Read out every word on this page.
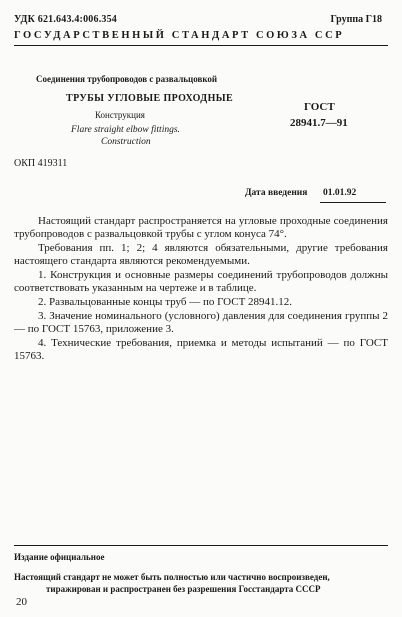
УДК 621.643.4:006.354	Группа Г18
ГОСУДАРСТВЕННЫЙ СТАНДАРТ СОЮЗА ССР
Соединения трубопроводов с развальцовкой
ТРУБЫ УГЛОВЫЕ ПРОХОДНЫЕ
Конструкция
Flare straight elbow fittings.
Construction
ГОСТ
28941.7—91
ОКП 419311
Дата введения 01.01.92

Настоящий стандарт распространяется на угловые проходные соединения трубопроводов с развальцовкой трубы с углом конуса 74°.

Требования пп. 1; 2; 4 являются обязательными, другие требования настоящего стандарта являются рекомендуемыми.

1. Конструкция и основные размеры соединений трубопроводов должны соответствовать указанным на чертеже и в таблице.

2. Развальцованные концы труб — по ГОСТ 28941.12.

3. Значение номинального (условного) давления для соединения группы 2 — по ГОСТ 15763, приложение 3.

4. Технические требования, приемка и методы испытаний — по ГОСТ 15763.

Издание официальное
Настоящий стандарт не может быть полностью или частично воспроизведен,
тиражирован и распространен без разрешения Госстандарта СССР
20
